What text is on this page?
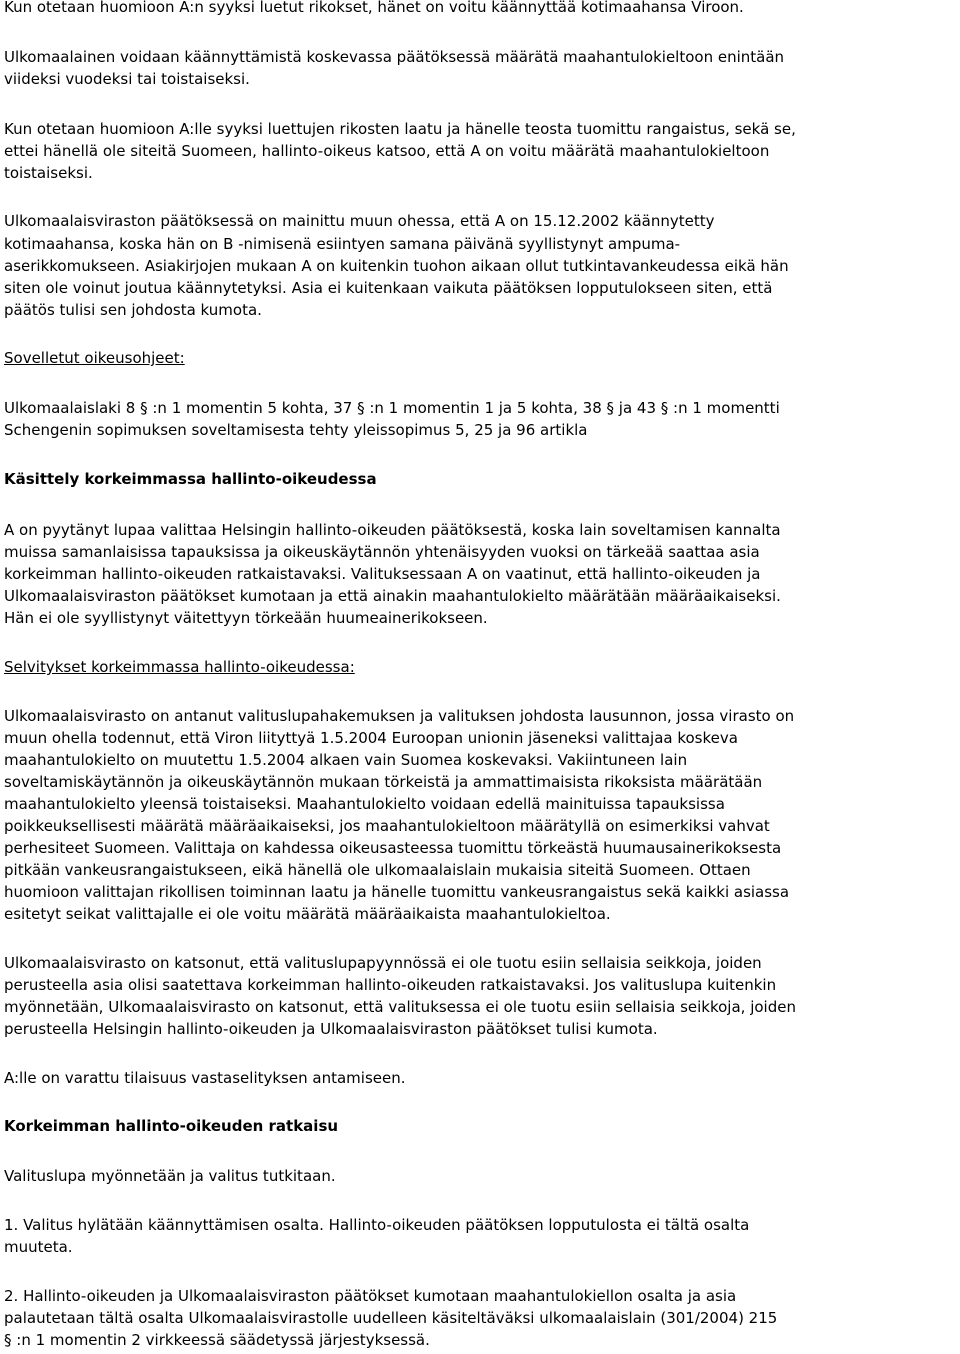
Kun otetaan huomioon A:n syyksi luetut rikokset, hänet on voitu käännyttää kotimaahansa Viroon.
Ulkomaalainen voidaan käännyttämistä koskevassa päätöksessä määrätä maahantulokieltoon enintään
viideksi vuodeksi tai toistaiseksi.
Kun otetaan huomioon A:lle syyksi luettujen rikosten laatu ja hänelle teosta tuomittu rangaistus, sekä se,
ettei hänellä ole siteitä Suomeen, hallinto-oikeus katsoo, että A on voitu määrätä maahantulokieltoon
toistaiseksi.
Ulkomaalaisviraston päätöksessä on mainittu muun ohessa, että A on 15.12.2002 käännytetty
kotimaahansa, koska hän on B -nimisenä esiintyen samana päivänä syyllistynyt ampuma-
aserikkomukseen. Asiakirjojen mukaan A on kuitenkin tuohon aikaan ollut tutkintavankeudessa eikä hän
siten ole voinut joutua käännytetyksi. Asia ei kuitenkaan vaikuta päätöksen lopputulokseen siten, että
päätös tulisi sen johdosta kumota.
Sovelletut oikeusohjeet:
Ulkomaalaislaki 8 § :n 1 momentin 5 kohta, 37 § :n 1 momentin 1 ja 5 kohta, 38 § ja 43 § :n 1 momentti
Schengenin sopimuksen soveltamisesta tehty yleissopimus 5, 25 ja 96 artikla
Käsittely korkeimmassa hallinto-oikeudessa
A on pyytänyt lupaa valittaa Helsingin hallinto-oikeuden päätöksestä, koska lain soveltamisen kannalta
muissa samanlaisissa tapauksissa ja oikeuskäytännön yhtenäisyyden vuoksi on tärkeää saattaa asia
korkeimman hallinto-oikeuden ratkaistavaksi. Valituksessaan A on vaatinut, että hallinto-oikeuden ja
Ulkomaalaisviraston päätökset kumotaan ja että ainakin maahantulokielto määrätään määräaikaiseksi.
Hän ei ole syyllistynyt väitettyyn törkeään huumeainerikokseen.
Selvitykset korkeimmassa hallinto-oikeudessa:
Ulkomaalaisvirasto on antanut valituslupahakemuksen ja valituksen johdosta lausunnon, jossa virasto on
muun ohella todennut, että Viron liityttyä 1.5.2004 Euroopan unionin jäseneksi valittajaa koskeva
maahantulokielto on muutettu 1.5.2004 alkaen vain Suomea koskevaksi. Vakiintuneen lain
soveltamiskäytännön ja oikeuskäytännön mukaan törkeistä ja ammattimaisista rikoksista määrätään
maahantulokielto yleensä toistaiseksi. Maahantulokielto voidaan edellä mainituissa tapauksissa
poikkeuksellisesti määrätä määräaikaiseksi, jos maahantulokieltoon määrätyllä on esimerkiksi vahvat
perhesiteet Suomeen. Valittaja on kahdessa oikeusasteessa tuomittu törkeästä huumausainerikoksesta
pitkään vankeusrangaistukseen, eikä hänellä ole ulkomaalaislain mukaisia siteitä Suomeen. Ottaen
huomioon valittajan rikollisen toiminnan laatu ja hänelle tuomittu vankeusrangaistus sekä kaikki asiassa
esitetyt seikat valittajalle ei ole voitu määrätä määräaikaista maahantulokieltoa.
Ulkomaalaisvirasto on katsonut, että valituslupapyynnössä ei ole tuotu esiin sellaisia seikkoja, joiden
perusteella asia olisi saatettava korkeimman hallinto-oikeuden ratkaistavaksi. Jos valituslupa kuitenkin
myönnetään, Ulkomaalaisvirasto on katsonut, että valituksessa ei ole tuotu esiin sellaisia seikkoja, joiden
perusteella Helsingin hallinto-oikeuden ja Ulkomaalaisviraston päätökset tulisi kumota.
A:lle on varattu tilaisuus vastaselityksen antamiseen.
Korkeimman hallinto-oikeuden ratkaisu
Valituslupa myönnetään ja valitus tutkitaan.
1. Valitus hylätään käännyttämisen osalta. Hallinto-oikeuden päätöksen lopputulosta ei tältä osalta
muuteta.
2. Hallinto-oikeuden ja Ulkomaalaisviraston päätökset kumotaan maahantulokiellon osalta ja asia
palautetaan tältä osalta Ulkomaalaisvirastolle uudelleen käsiteltäväksi ulkomaalaislain (301/2004) 215
§ :n 1 momentin 2 virkkeessä säädetyssä järjestyksessä.
